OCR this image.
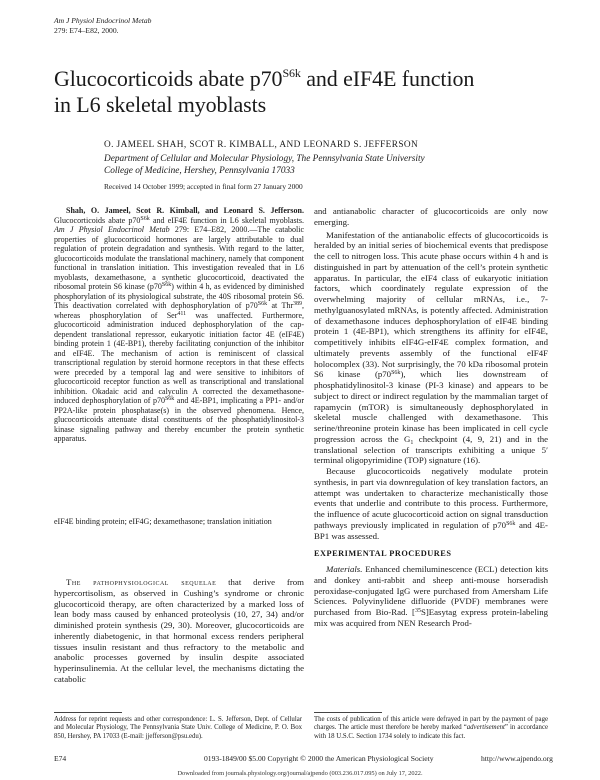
Am J Physiol Endocrinol Metab
279: E74–E82, 2000.
Glucocorticoids abate $p70^{S6k}$ and eIF4E function
in L6 skeletal myoblasts
O. JAMEEL SHAH, SCOT R. KIMBALL, AND LEONARD S. JEFFERSON
Department of Cellular and Molecular Physiology, The Pennsylvania State University
College of Medicine, Hershey, Pennsylvania 17033
Received 14 October 1999; accepted in final form 27 January 2000

Shah, O. Jameel, Scot R. Kimball, and Leonard S. Jefferson. Glucocorticoids abate $p70^{S6k}$ and eIF4E function in L6 skeletal myoblasts. Am J Physiol Endocrinol Metab 279: E74–E82, 2000.—The catabolic properties of glucocorticoid hormones are largely attributable to dual regulation of protein degradation and synthesis. With regard to the latter, glucocorticoids modulate the translational machinery, namely that component functional in translation initiation. This investigation revealed that in L6 myoblasts, dexamethasone, a synthetic glucocorticoid, deactivated the ribosomal protein S6 kinase $(p70^{S6k})$ within 4 h, as evidenced by diminished phosphorylation of its physiological substrate, the 40S ribosomal protein S6. This deactivation correlated with dephosphorylation of $p70^{S6k}$ at Thr$^{389}$, whereas phosphorylation of Ser$^{411}$ was unaffected. Furthermore, glucocorticoid administration induced dephosphorylation of the cap-dependent translational repressor, eukaryotic initiation factor 4E (eIF4E) binding protein 1 (4E-BP1), thereby facilitating conjunction of the inhibitor and eIF4E. The mechanism of action is reminiscent of classical transcriptional regulation by steroid hormone receptors in that these effects were preceded by a temporal lag and were sensitive to inhibitors of glucocorticoid receptor function as well as transcriptional and translational inhibition. Okadaic acid and calyculin A corrected the dexamethasone-induced dephosphorylation of $p70^{S6k}$ and 4E-BP1, implicating a PP1- and/or PP2A-like protein phosphatase(s) in the observed phenomena. Hence, glucocorticoids attenuate distal constituents of the phosphatidylinositol-3 kinase signaling pathway and thereby encumber the protein synthetic apparatus.

eIF4E binding protein; eIF4G; dexamethasone; translation initiation

The pathophysiological sequelae that derive from hypercortisolism, as observed in Cushing’s syndrome or chronic glucocorticoid therapy, are often characterized by a marked loss of lean body mass caused by enhanced proteolysis (10, 27, 34) and/or diminished protein synthesis (29, 30). Moreover, glucocorticoids are inherently diabetogenic, in that hormonal excess renders peripheral tissues insulin resistant and thus refractory to the metabolic and anabolic processes governed by insulin despite associated hyperinsulinemia. At the cellular level, the mechanisms dictating the catabolic

and antianabolic character of glucocorticoids are only now emerging.

Manifestation of the antianabolic effects of glucocorticoids is heralded by an initial series of biochemical events that predispose the cell to nitrogen loss. This acute phase occurs within 4 h and is distinguished in part by attenuation of the cell’s protein synthetic apparatus. In particular, the eIF4 class of eukaryotic initiation factors, which coordinately regulate expression of the overwhelming majority of cellular mRNAs, i.e., 7-methylguanosylated mRNAs, is potently affected. Administration of dexamethasone induces dephosphorylation of eIF4E binding protein 1 (4E-BP1), which strengthens its affinity for eIF4E, competitively inhibits eIF4G-eIF4E complex formation, and ultimately prevents assembly of the functional eIF4F holocomplex (33). Not surprisingly, the 70 kDa ribosomal protein S6 kinase $(p70^{S6k})$, which lies downstream of phosphatidylinositol-3 kinase (PI-3 kinase) and appears to be subject to direct or indirect regulation by the mammalian target of rapamycin (mTOR) is simultaneously dephosphorylated in skeletal muscle challenged with dexamethasone. This serine/threonine protein kinase has been implicated in cell cycle progression across the $G_1$ checkpoint (4, 9, 21) and in the translational selection of transcripts exhibiting a unique 5′ terminal oligopyrimidine (TOP) signature (16).

Because glucocorticoids negatively modulate protein synthesis, in part via downregulation of key translation factors, an attempt was undertaken to characterize mechanistically those events that underlie and contribute to this process. Furthermore, the influence of acute glucocorticoid action on signal transduction pathways previously implicated in regulation of $p70^{S6k}$ and 4E-BP1 was assessed.

EXPERIMENTAL PROCEDURES

Materials. Enhanced chemiluminescence (ECL) detection kits and donkey anti-rabbit and sheep anti-mouse horseradish peroxidase-conjugated IgG were purchased from Amersham Life Sciences. Polyvinylidene difluoride (PVDF) membranes were purchased from Bio-Rad. [$^{35}$S]Easytag express protein-labeling mix was acquired from NEN Research Prod-

Address for reprint requests and other correspondence: L. S. Jefferson, Dept. of Cellular and Molecular Physiology, The Pennsylvania State Univ. College of Medicine, P. O. Box 850, Hershey, PA 17033 (E-mail: jjefferson@psu.edu).
The costs of publication of this article were defrayed in part by the payment of page charges. The article must therefore be hereby marked “advertisement” in accordance with 18 U.S.C. Section 1734 solely to indicate this fact.
E74	0193-1849/00 $5.00 Copyright © 2000 the American Physiological Society	http://www.ajpendo.org
Downloaded from journals.physiology.org/journal/ajpendo (003.236.017.095) on July 17, 2022.
